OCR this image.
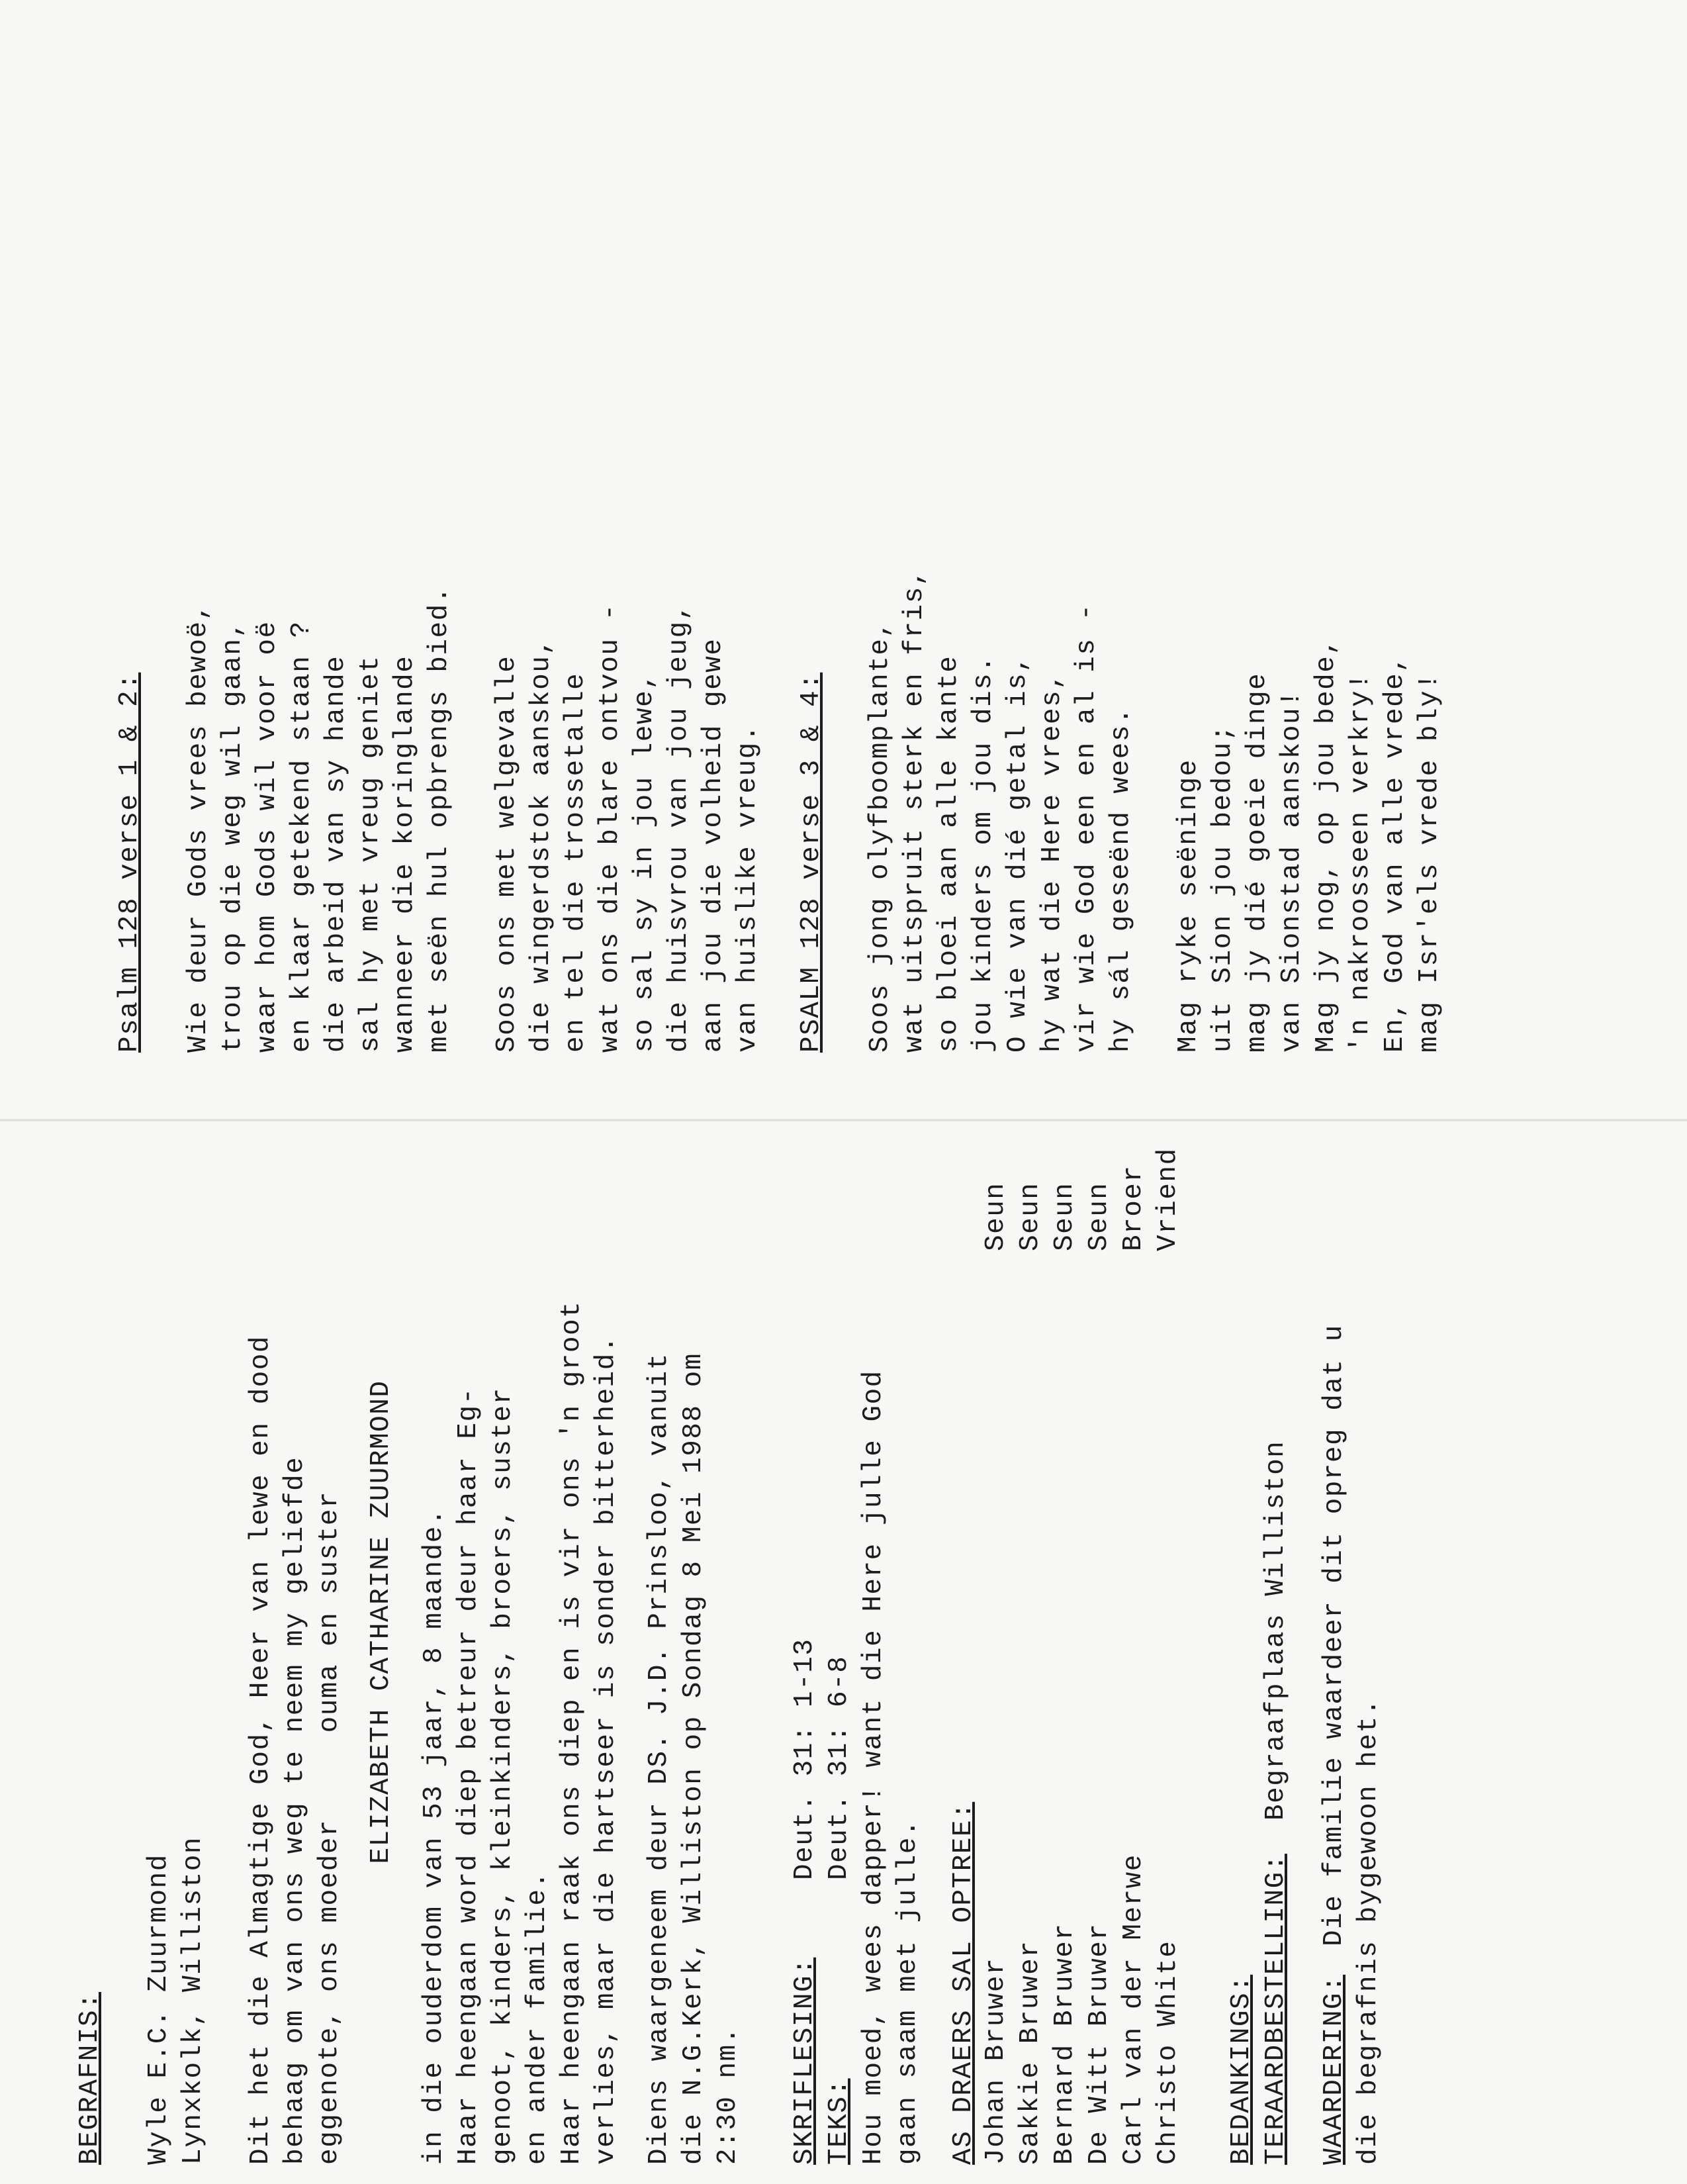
BEGRAFNIS: Wyle E.C. Zuurmond Lynxkolk, Williston Dit het die Almagtige God, Heer van lewe en dood behaag om van ons weg te neem my geliefde eggenote, ons moeder     ouma en suster ELIZABETH CATHARINE ZUURMOND in die ouderdom van 53 jaar, 8 maande. Haar heengaan word diep betreur deur haar Eg- genoot, kinders, kleinkinders, broers, suster en ander familie. Haar heengaan raak ons diep en is vir ons 'n groot verlies, maar die hartseer is sonder bitterheid. Diens waargeneem deur DS. J.D. Prinsloo, vanuit die N.G.Kerk, Williston op Sondag 8 Mei 1988 om 2:30 nm. SKRIFLESING:
Deut. 31: 1-13
TEKS:
Deut. 31: 6-8 Hou moed, wees dapper! want die Here julle God gaan saam met julle. AS DRAERS SAL OPTREE: Johan Bruwer
Seun
Sakkie Bruwer
Seun
Bernard Bruwer
Seun
De Witt Bruwer
Seun
Carl van der Merwe
Broer
Christo White
Vriend
BEDANKINGS: TERAARDBESTELLING:
Begraafplaas Williston
WAARDERING:
Die familie waardeer dit opreg dat u die begrafnis bygewoon het.
Psalm 128 verse 1 & 2: Wie deur Gods vrees bewoë, trou op die weg wil gaan, waar hom Gods wil voor oë en klaar getekend staan ? die arbeid van sy hande sal hy met vreug geniet wanneer die koringlande met seën hul opbrengs bied. Soos ons met welgevalle die wingerdstok aanskou, en tel die trossetalle wat ons die blare ontvou - so sal sy in jou lewe, die huisvrou van jou jeug, aan jou die volheid gewe van huislike vreug. PSALM 128 verse 3 & 4: Soos jong olyfboomplante, wat uitspruit sterk en fris, so bloei aan alle kante jou kinders om jou dis. O wie van dié getal is, hy wat die Here vrees, vir wie God een en al is - hy sál geseënd wees. Mag ryke seëninge uit Sion jou bedou; mag jy dié goeie dinge van Sionstad aanskou! Mag jy nog, op jou bede, 'n nakroosseen verkry! En, God van alle vrede, mag Isr'els vrede bly!
